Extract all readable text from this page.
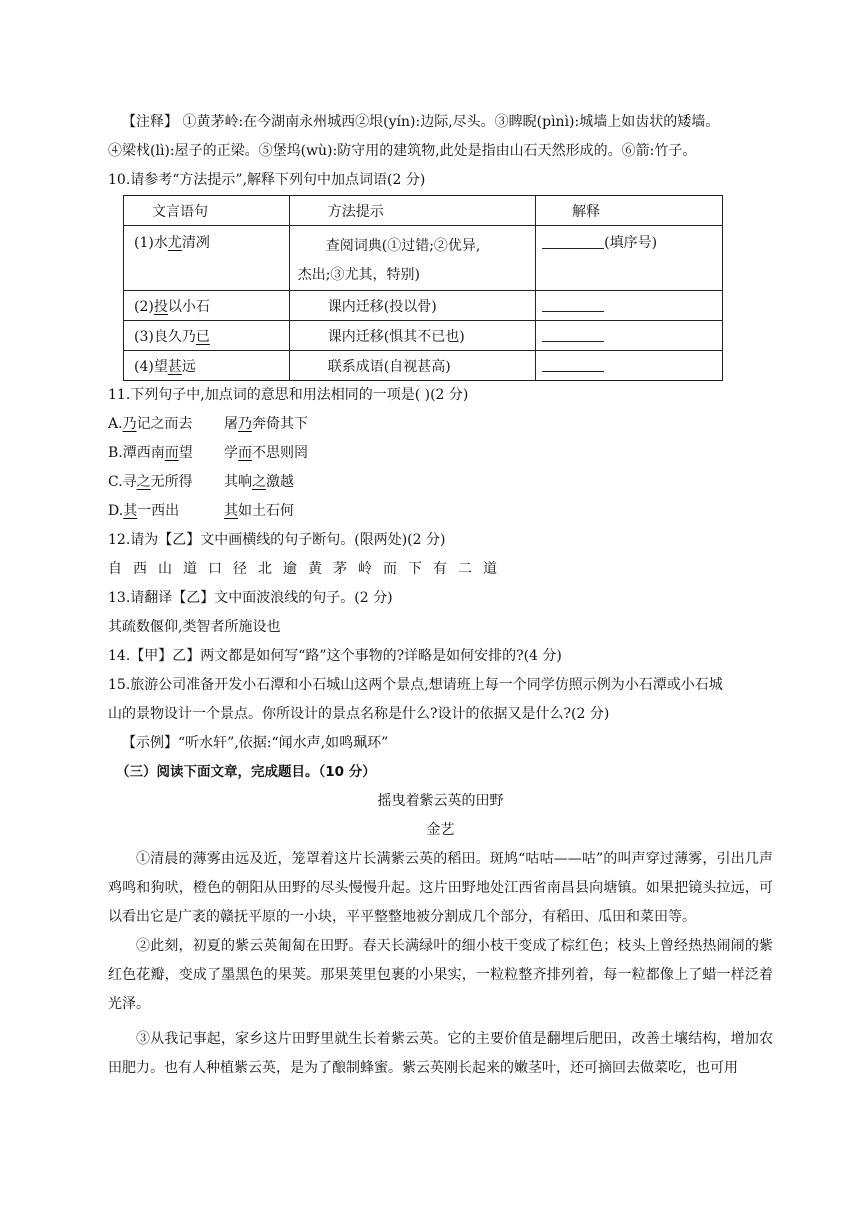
【注释】 ①黄茅岭:在今湖南永州城西②垠(yín):边际,尽头。③睥睨(pìnì):城墙上如齿状的矮墙。

④梁𣏾(lì):屋子的正梁。⑤堡坞(wù):防守用的建筑物,此处是指由山石天然形成的。⑥箭:竹子。

10.请参考“方法提示”,解释下列句中加点词语(2 分)

文言语句	方法提示	解释
(1)水尤清冽	查阅词典(①过错;②优异,
杰出;③尤其，特别)	(填序号)
(2)投以小石	课内迁移(投以骨)	
(3)良久乃已	课内迁移(惧其不已也)	
(4)望甚远	联系成语(自视甚高)	

11.下列句子中,加点词的意思和用法相同的一项是( )(2 分)

A.乃记之而去 屠乃奔倚其下

B.潭西南而望 学而不思则罔

C.寻之无所得 其响之激越

D.其一西出	其如土石何

12.请为【乙】文中画横线的句子断句。(限两处)(2 分)

自西山道口径北逾黄茅岭而下有二道

13.请翻译【乙】文中面波浪线的句子。(2 分)

其疏数偃仰,类智者所施设也

14.【甲】乙】两文都是如何写“路”这个事物的?详略是如何安排的?(4 分)

15.旅游公司准备开发小石潭和小石城山这两个景点,想请班上每一个同学仿照示例为小石潭或小石城

山的景物设计一个景点。你所设计的景点名称是什么?设计的依据又是什么?(2 分)

【示例】“听水轩”,依据:“闻水声,如鸣珮环”

（三）阅读下面文章，完成题目。（10 分）

摇曳着紫云英的田野

金艺

①清晨的薄雾由远及近，笼罩着这片长满紫云英的稻田。斑鸠“咕咕——咕”的叫声穿过薄雾，引出几声鸡鸣和狗吠，橙色的朝阳从田野的尽头慢慢升起。这片田野地处江西省南昌县向塘镇。如果把镜头拉远，可以看出它是广袤的赣抚平原的一小块，平平整整地被分割成几个部分，有稻田、瓜田和菜田等。

②此刻，初夏的紫云英匍匐在田野。春天长满绿叶的细小枝干变成了棕红色；枝头上曾经热热闹闹的紫红色花瓣，变成了墨黑色的果荚。那果荚里包裹的小果实，一粒粒整齐排列着，每一粒都像上了蜡一样泛着光泽。

③从我记事起，家乡这片田野里就生长着紫云英。它的主要价值是翻埋后肥田，改善土壤结构，增加农田肥力。也有人种植紫云英，是为了酿制蜂蜜。紫云英刚长起来的嫩茎叶，还可摘回去做菜吃，也可用
